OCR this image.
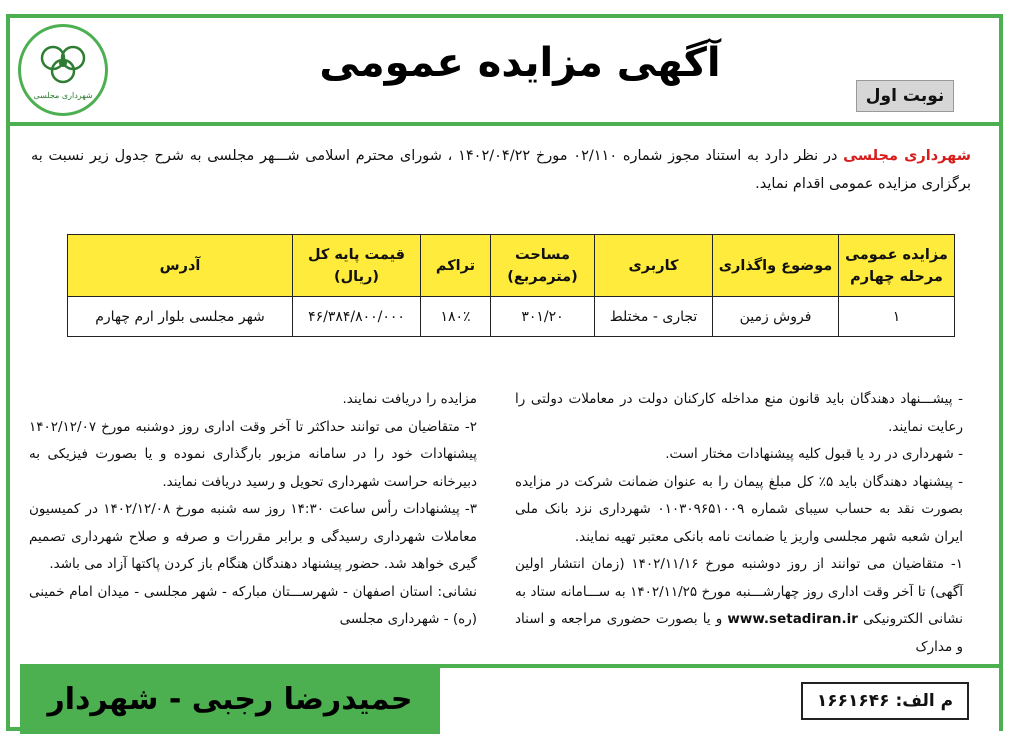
شهرداری مجلسی
آگهی مزایده عمومی
نوبت اول
شهرداری مجلسی در نظر دارد به استناد مجوز شماره ۰۲/۱۱۰ مورخ ۱۴۰۲/۰۴/۲۲ ، شورای محترم اسلامی شـــهر مجلسی به شرح جدول زیر نسبت به برگزاری مزایده عمومی اقدام نماید.
مزایده عمومی مرحله چهارم	موضوع واگذاری	کاربری	مساحت (مترمربع)	تراکم	قیمت پایه کل (ریال)	آدرس
۱	فروش زمین	تجاری - مختلط	۳۰۱/۲۰	۱۸۰٪	۴۶/۳۸۴/۸۰۰/۰۰۰	شهر مجلسی بلوار ارم چهارم

- پیشـــنهاد دهندگان باید قانون منع مداخله کارکنان دولت در معاملات دولتی را رعایت نمایند.

- شهرداری در رد یا قبول کلیه پیشنهادات مختار است.

- پیشنهاد دهندگان باید ۵٪ کل مبلغ پیمان را به عنوان ضمانت شرکت در مزایده بصورت نقد به حساب سیبای شماره ۰۱۰۳۰۹۶۵۱۰۰۹ شهرداری نزد بانک ملی ایران شعبه شهر مجلسی واریز یا ضمانت نامه بانکی معتبر تهیه نمایند.

۱- متقاضیان می توانند از روز دوشنبه مورخ ۱۴۰۲/۱۱/۱۶ (زمان انتشار اولین آگهی) تا آخر وقت اداری روز چهارشـــنبه مورخ ۱۴۰۲/۱۱/۲۵ به ســـامانه ستاد به نشانی الکترونیکی www.setadiran.ir و یا بصورت حضوری مراجعه و اسناد و مدارک

مزایده را دریافت نمایند.

۲- متقاضیان می توانند حداکثر تا آخر وقت اداری روز دوشنبه مورخ ۱۴۰۲/۱۲/۰۷ پیشنهادات خود را در سامانه مزبور بارگذاری نموده و یا بصورت فیزیکی به دبیرخانه حراست شهرداری تحویل و رسید دریافت نمایند.

۳- پیشنهادات رأس ساعت ۱۴:۳۰ روز سه شنبه مورخ ۱۴۰۲/۱۲/۰۸ در کمیسیون معاملات شهرداری رسیدگی و برابر مقررات و صرفه و صلاح شهرداری تصمیم گیری خواهد شد. حضور پیشنهاد دهندگان هنگام باز کردن پاکتها آزاد می باشد.

نشانی: استان اصفهان - شهرســـتان مبارکه - شهر مجلسی - میدان امام خمینی (ره) - شهرداری مجلسی

حمیدرضا رجبی - شهردار	م الف:
۱۶۶۱۶۴۶
